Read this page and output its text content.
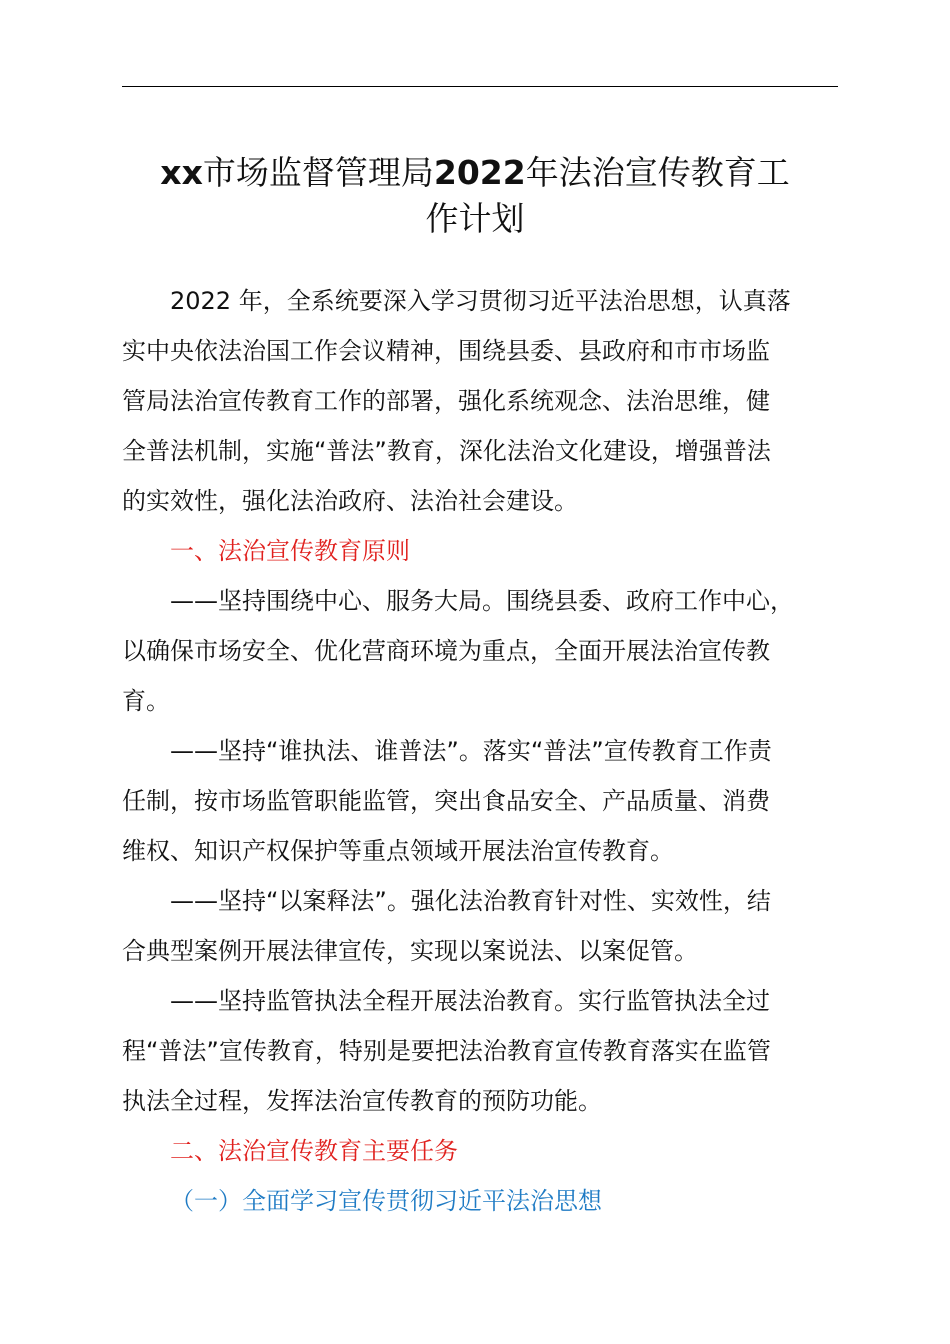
xx市场监督管理局2022年法治宣传教育工
作计划
2022 年，全系统要深入学习贯彻习近平法治思想，认真落
实中央依法治国工作会议精神，围绕县委、县政府和市市场监
管局法治宣传教育工作的部署，强化系统观念、法治思维，健
全普法机制，实施“普法”教育，深化法治文化建设，增强普法
的实效性，强化法治政府、法治社会建设。
一、法治宣传教育原则
——坚持围绕中心、服务大局。围绕县委、政府工作中心，
以确保市场安全、优化营商环境为重点，全面开展法治宣传教
育。
——坚持“谁执法、谁普法”。落实“普法”宣传教育工作责
任制，按市场监管职能监管，突出食品安全、产品质量、消费
维权、知识产权保护等重点领域开展法治宣传教育。
——坚持“以案释法”。强化法治教育针对性、实效性，结
合典型案例开展法律宣传，实现以案说法、以案促管。
——坚持监管执法全程开展法治教育。实行监管执法全过
程“普法”宣传教育，特别是要把法治教育宣传教育落实在监管
执法全过程，发挥法治宣传教育的预防功能。
二、法治宣传教育主要任务
（一）全面学习宣传贯彻习近平法治思想
